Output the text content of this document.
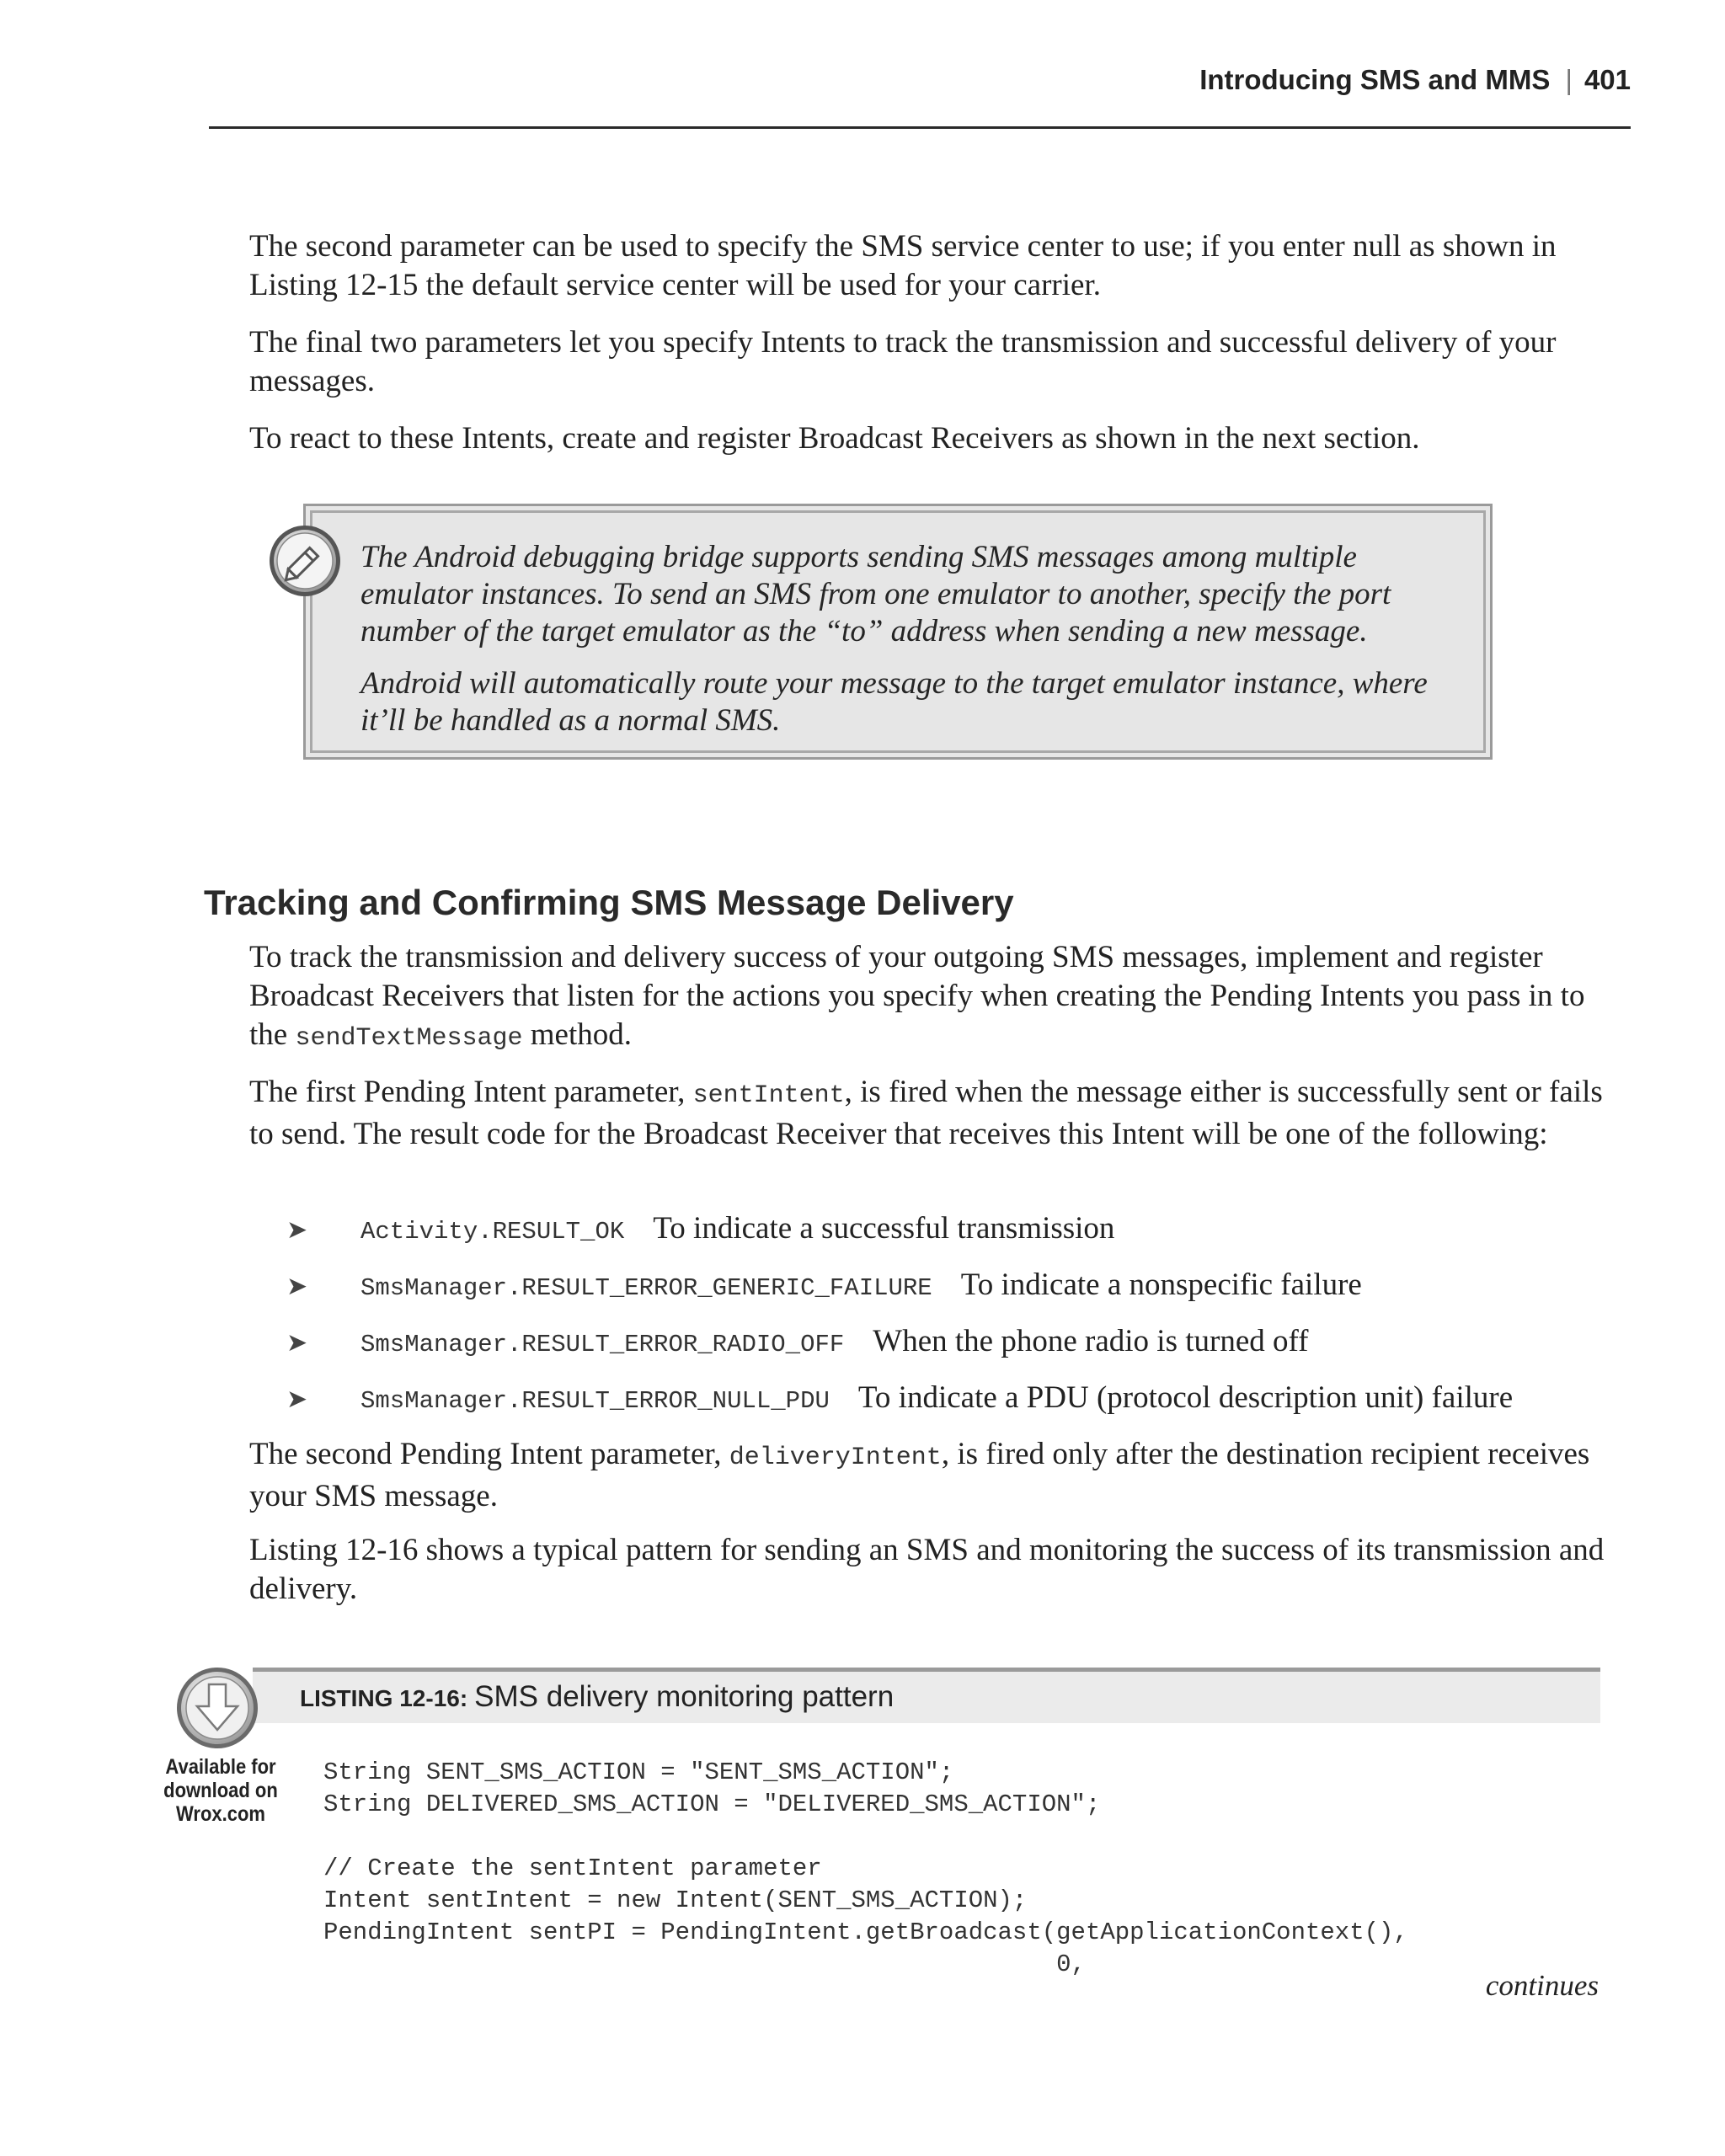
Introducing SMS and MMS | 401

The second parameter can be used to specify the SMS service center to use; if you enter null as shown in Listing 12-15 the default service center will be used for your carrier.

The final two parameters let you specify Intents to track the transmission and successful delivery of your messages.

To react to these Intents, create and register Broadcast Receivers as shown in the next section.

The Android debugging bridge supports sending SMS messages among multiple emulator instances. To send an SMS from one emulator to another, specify the port number of the target emulator as the “to” address when sending a new message.

Android will automatically route your message to the target emulator instance, where it’ll be handled as a normal SMS.

Tracking and Confirming SMS Message Delivery

To track the transmission and delivery success of your outgoing SMS messages, implement and register Broadcast Receivers that listen for the actions you specify when creating the Pending Intents you pass in to the sendTextMessage method.

The first Pending Intent parameter, sentIntent, is fired when the message either is successfully sent or fails to send. The result code for the Broadcast Receiver that receives this Intent will be one of the following:

➤ Activity.RESULT_OK To indicate a successful transmission
➤ SmsManager.RESULT_ERROR_GENERIC_FAILURE To indicate a nonspecific failure
➤ SmsManager.RESULT_ERROR_RADIO_OFF When the phone radio is turned off
➤ SmsManager.RESULT_ERROR_NULL_PDU To indicate a PDU (protocol description unit) failure

The second Pending Intent parameter, deliveryIntent, is fired only after the destination recipient receives your SMS message.

Listing 12-16 shows a typical pattern for sending an SMS and monitoring the success of its transmission and delivery.

LISTING 12-16: SMS delivery monitoring pattern
Available for
download on
Wrox.com
String SENT_SMS_ACTION = "SENT_SMS_ACTION";
String DELIVERED_SMS_ACTION = "DELIVERED_SMS_ACTION";
// Create the sentIntent parameter
Intent sentIntent = new Intent(SENT_SMS_ACTION);
PendingIntent sentPI = PendingIntent.getBroadcast(getApplicationContext(),
0,
continues
